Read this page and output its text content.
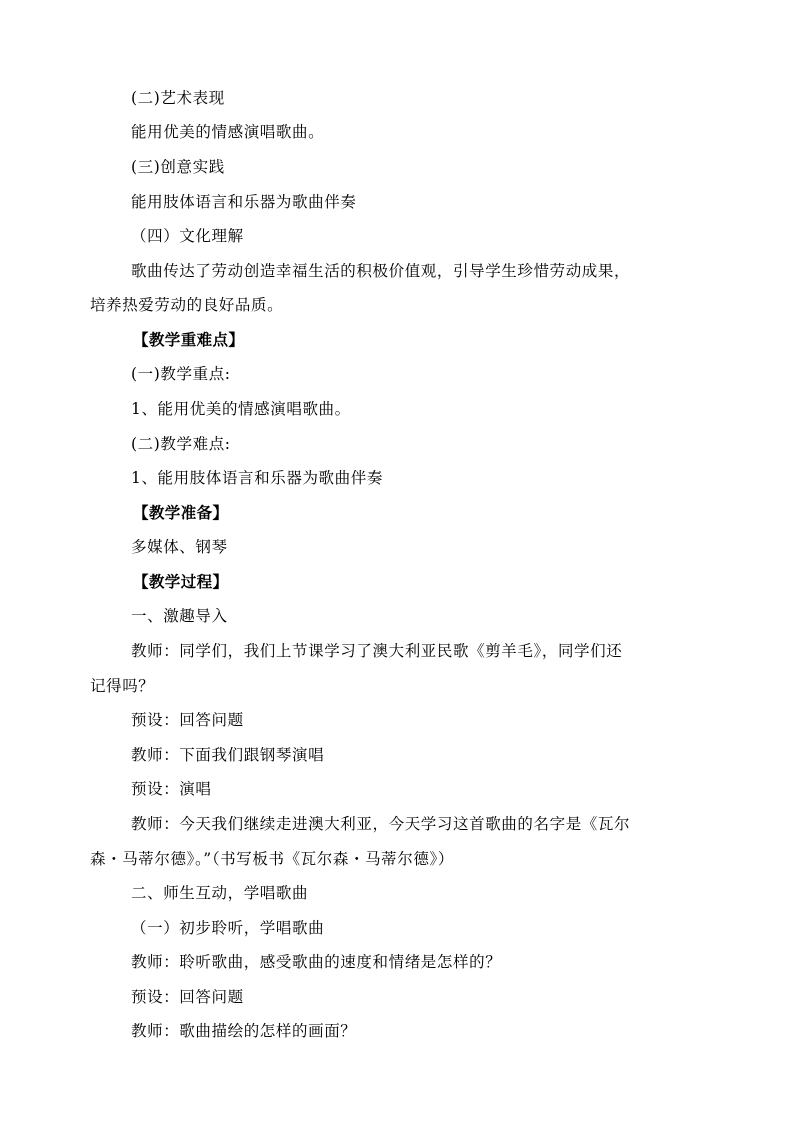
(二)艺术表现
能用优美的情感演唱歌曲。
(三)创意实践
能用肢体语言和乐器为歌曲伴奏
（四）文化理解
歌曲传达了劳动创造幸福生活的积极价值观，引导学生珍惜劳动成果，
培养热爱劳动的良好品质。
【教学重难点】
(一)教学重点:
1、能用优美的情感演唱歌曲。
(二)教学难点:
1、能用肢体语言和乐器为歌曲伴奏
【教学准备】
多媒体、钢琴
【教学过程】
一、激趣导入
教师：同学们，我们上节课学习了澳大利亚民歌《剪羊毛》，同学们还
记得吗？
预设：回答问题
教师：下面我们跟钢琴演唱
预设：演唱
教师：今天我们继续走进澳大利亚，今天学习这首歌曲的名字是《瓦尔
森・马蒂尔德》。”（书写板书《瓦尔森・马蒂尔德》）
二、师生互动，学唱歌曲
（一）初步聆听，学唱歌曲
教师：聆听歌曲，感受歌曲的速度和情绪是怎样的？
预设：回答问题
教师：歌曲描绘的怎样的画面？
